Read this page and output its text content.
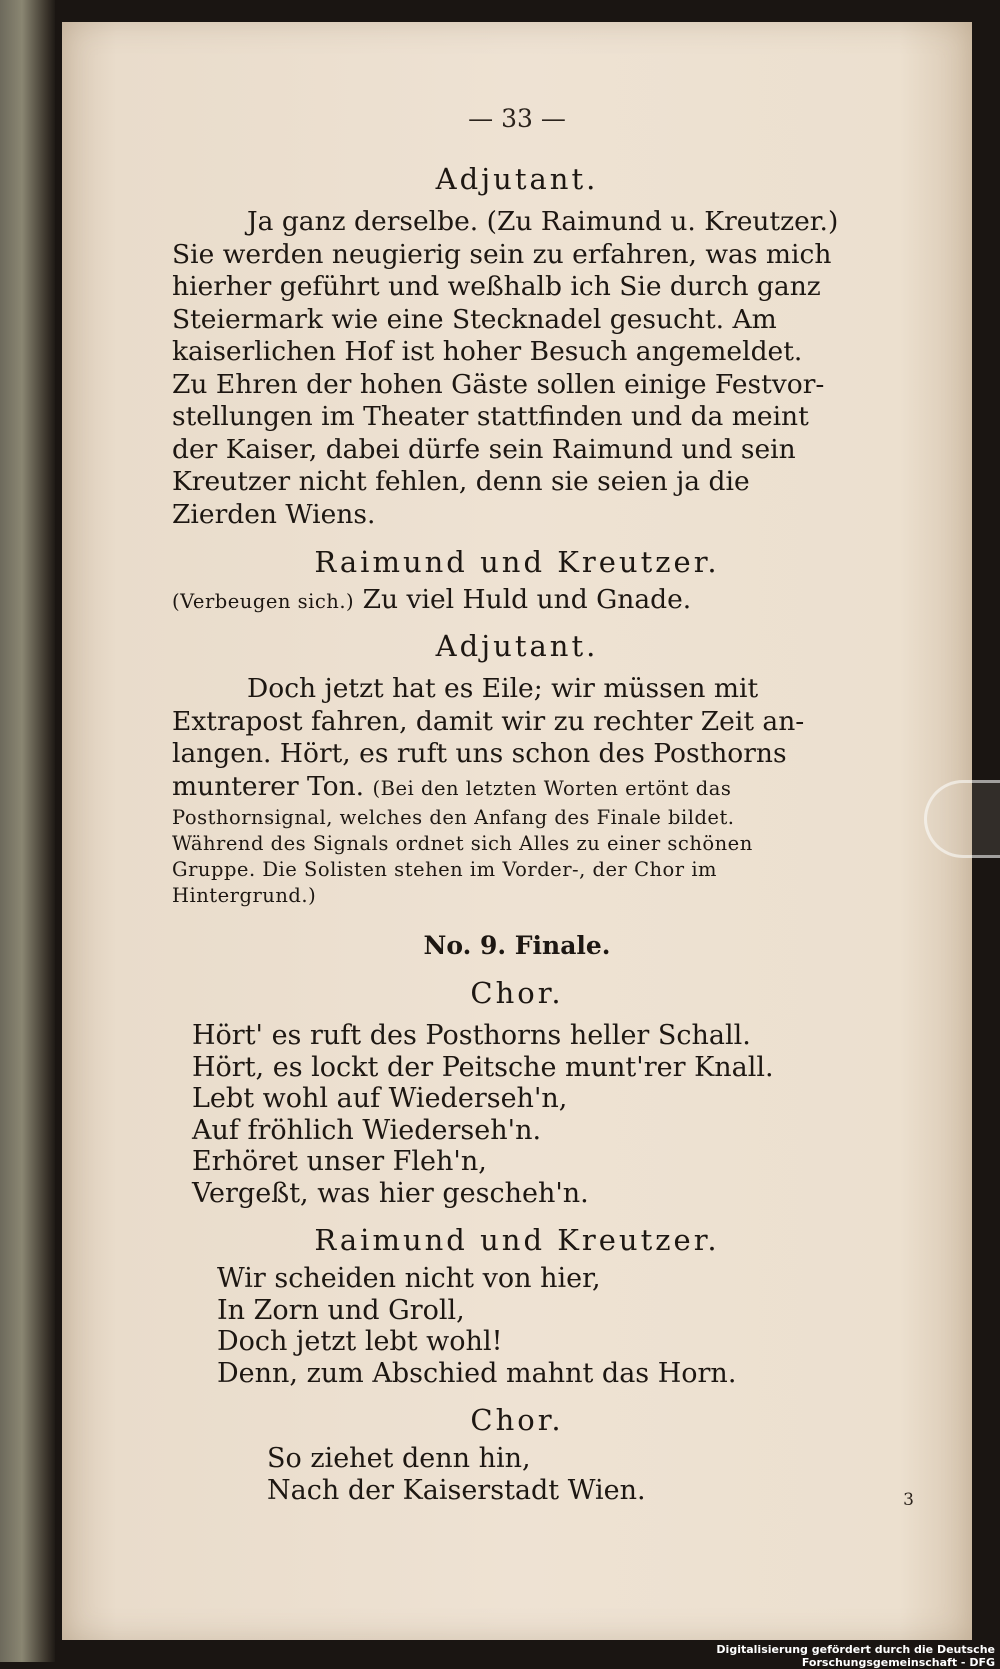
— 33 —

Adjutant.

Ja ganz derselbe. (Zu Raimund u. Kreutzer.)

Sie werden neugierig sein zu erfahren, was mich

hierher geführt und weßhalb ich Sie durch ganz

Steiermark wie eine Stecknadel gesucht. Am

kaiserlichen Hof ist hoher Besuch angemeldet.

Zu Ehren der hohen Gäste sollen einige Festvor-

stellungen im Theater stattfinden und da meint

der Kaiser, dabei dürfe sein Raimund und sein

Kreutzer nicht fehlen, denn sie seien ja die

Zierden Wiens.

Raimund und Kreutzer.

(Verbeugen sich.) Zu viel Huld und Gnade.

Adjutant.

Doch jetzt hat es Eile; wir müssen mit

Extrapost fahren, damit wir zu rechter Zeit an-

langen. Hört, es ruft uns schon des Posthorns

munterer Ton. (Bei den letzten Worten ertönt das

Posthornsignal, welches den Anfang des Finale bildet.

Während des Signals ordnet sich Alles zu einer schönen

Gruppe. Die Solisten stehen im Vorder-, der Chor im

Hintergrund.)

No. 9. Finale.

Chor.

Hört' es ruft des Posthorns heller Schall.

Hört, es lockt der Peitsche munt'rer Knall.

Lebt wohl auf Wiederseh'n,

Auf fröhlich Wiederseh'n.

Erhöret unser Fleh'n,

Vergeßt, was hier gescheh'n.

Raimund und Kreutzer.

Wir scheiden nicht von hier,

In Zorn und Groll,

Doch jetzt lebt wohl!

Denn, zum Abschied mahnt das Horn.

Chor.

So ziehet denn hin,

Nach der Kaiserstadt Wien.	3
Digitalisierung gefördert durch die Deutsche Forschungsgemeinschaft - DFG
